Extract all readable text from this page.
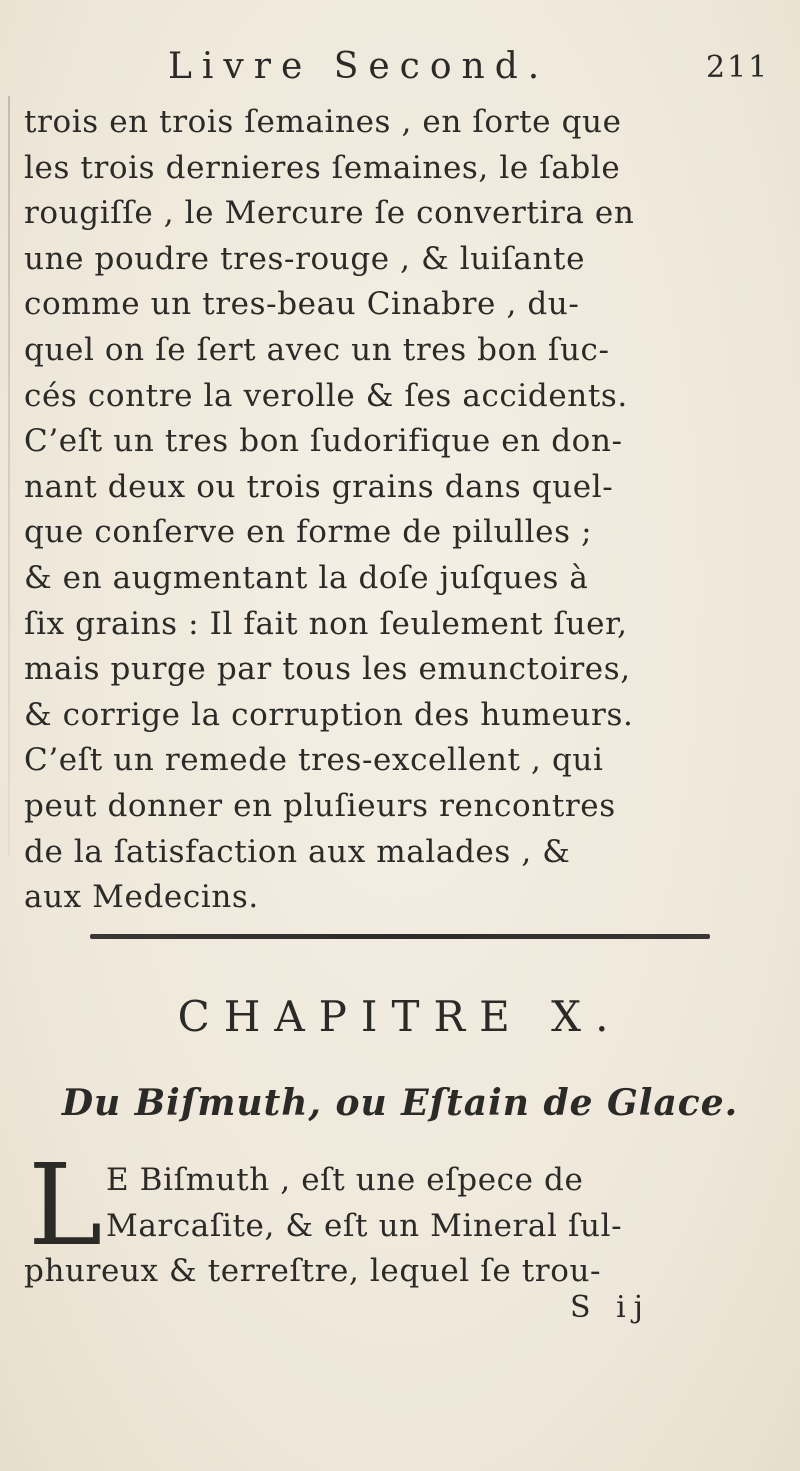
Livre Second.	211
trois en trois ſemaines , en ſorte que
les trois dernieres ſemaines, le ſable
rougiſſe , le Mercure ſe convertira en
une poudre tres-rouge , & luiſante
comme un tres-beau Cinabre , du-
quel on ſe ſert avec un tres bon ſuc-
cés contre la verolle & ſes accidents.
C’eſt un tres bon ſudorifique en don-
nant deux ou trois grains dans quel-
que conſerve en forme de pilulles ;
& en augmentant la doſe juſques à
ſix grains : Il fait non ſeulement ſuer,
mais purge par tous les emunctoires,
& corrige la corruption des humeurs.
C’eſt un remede tres-excellent , qui
peut donner en pluſieurs rencontres
de la ſatisfaction aux malades , &
aux Medecins.
CHAPITRE X.
Du Biſmuth, ou Eſtain de Glace.
L E Biſmuth , eſt une eſpece de
Marcaſite, & eſt un Mineral ſul-
phureux & terreſtre, lequel ſe trou-
S ij
